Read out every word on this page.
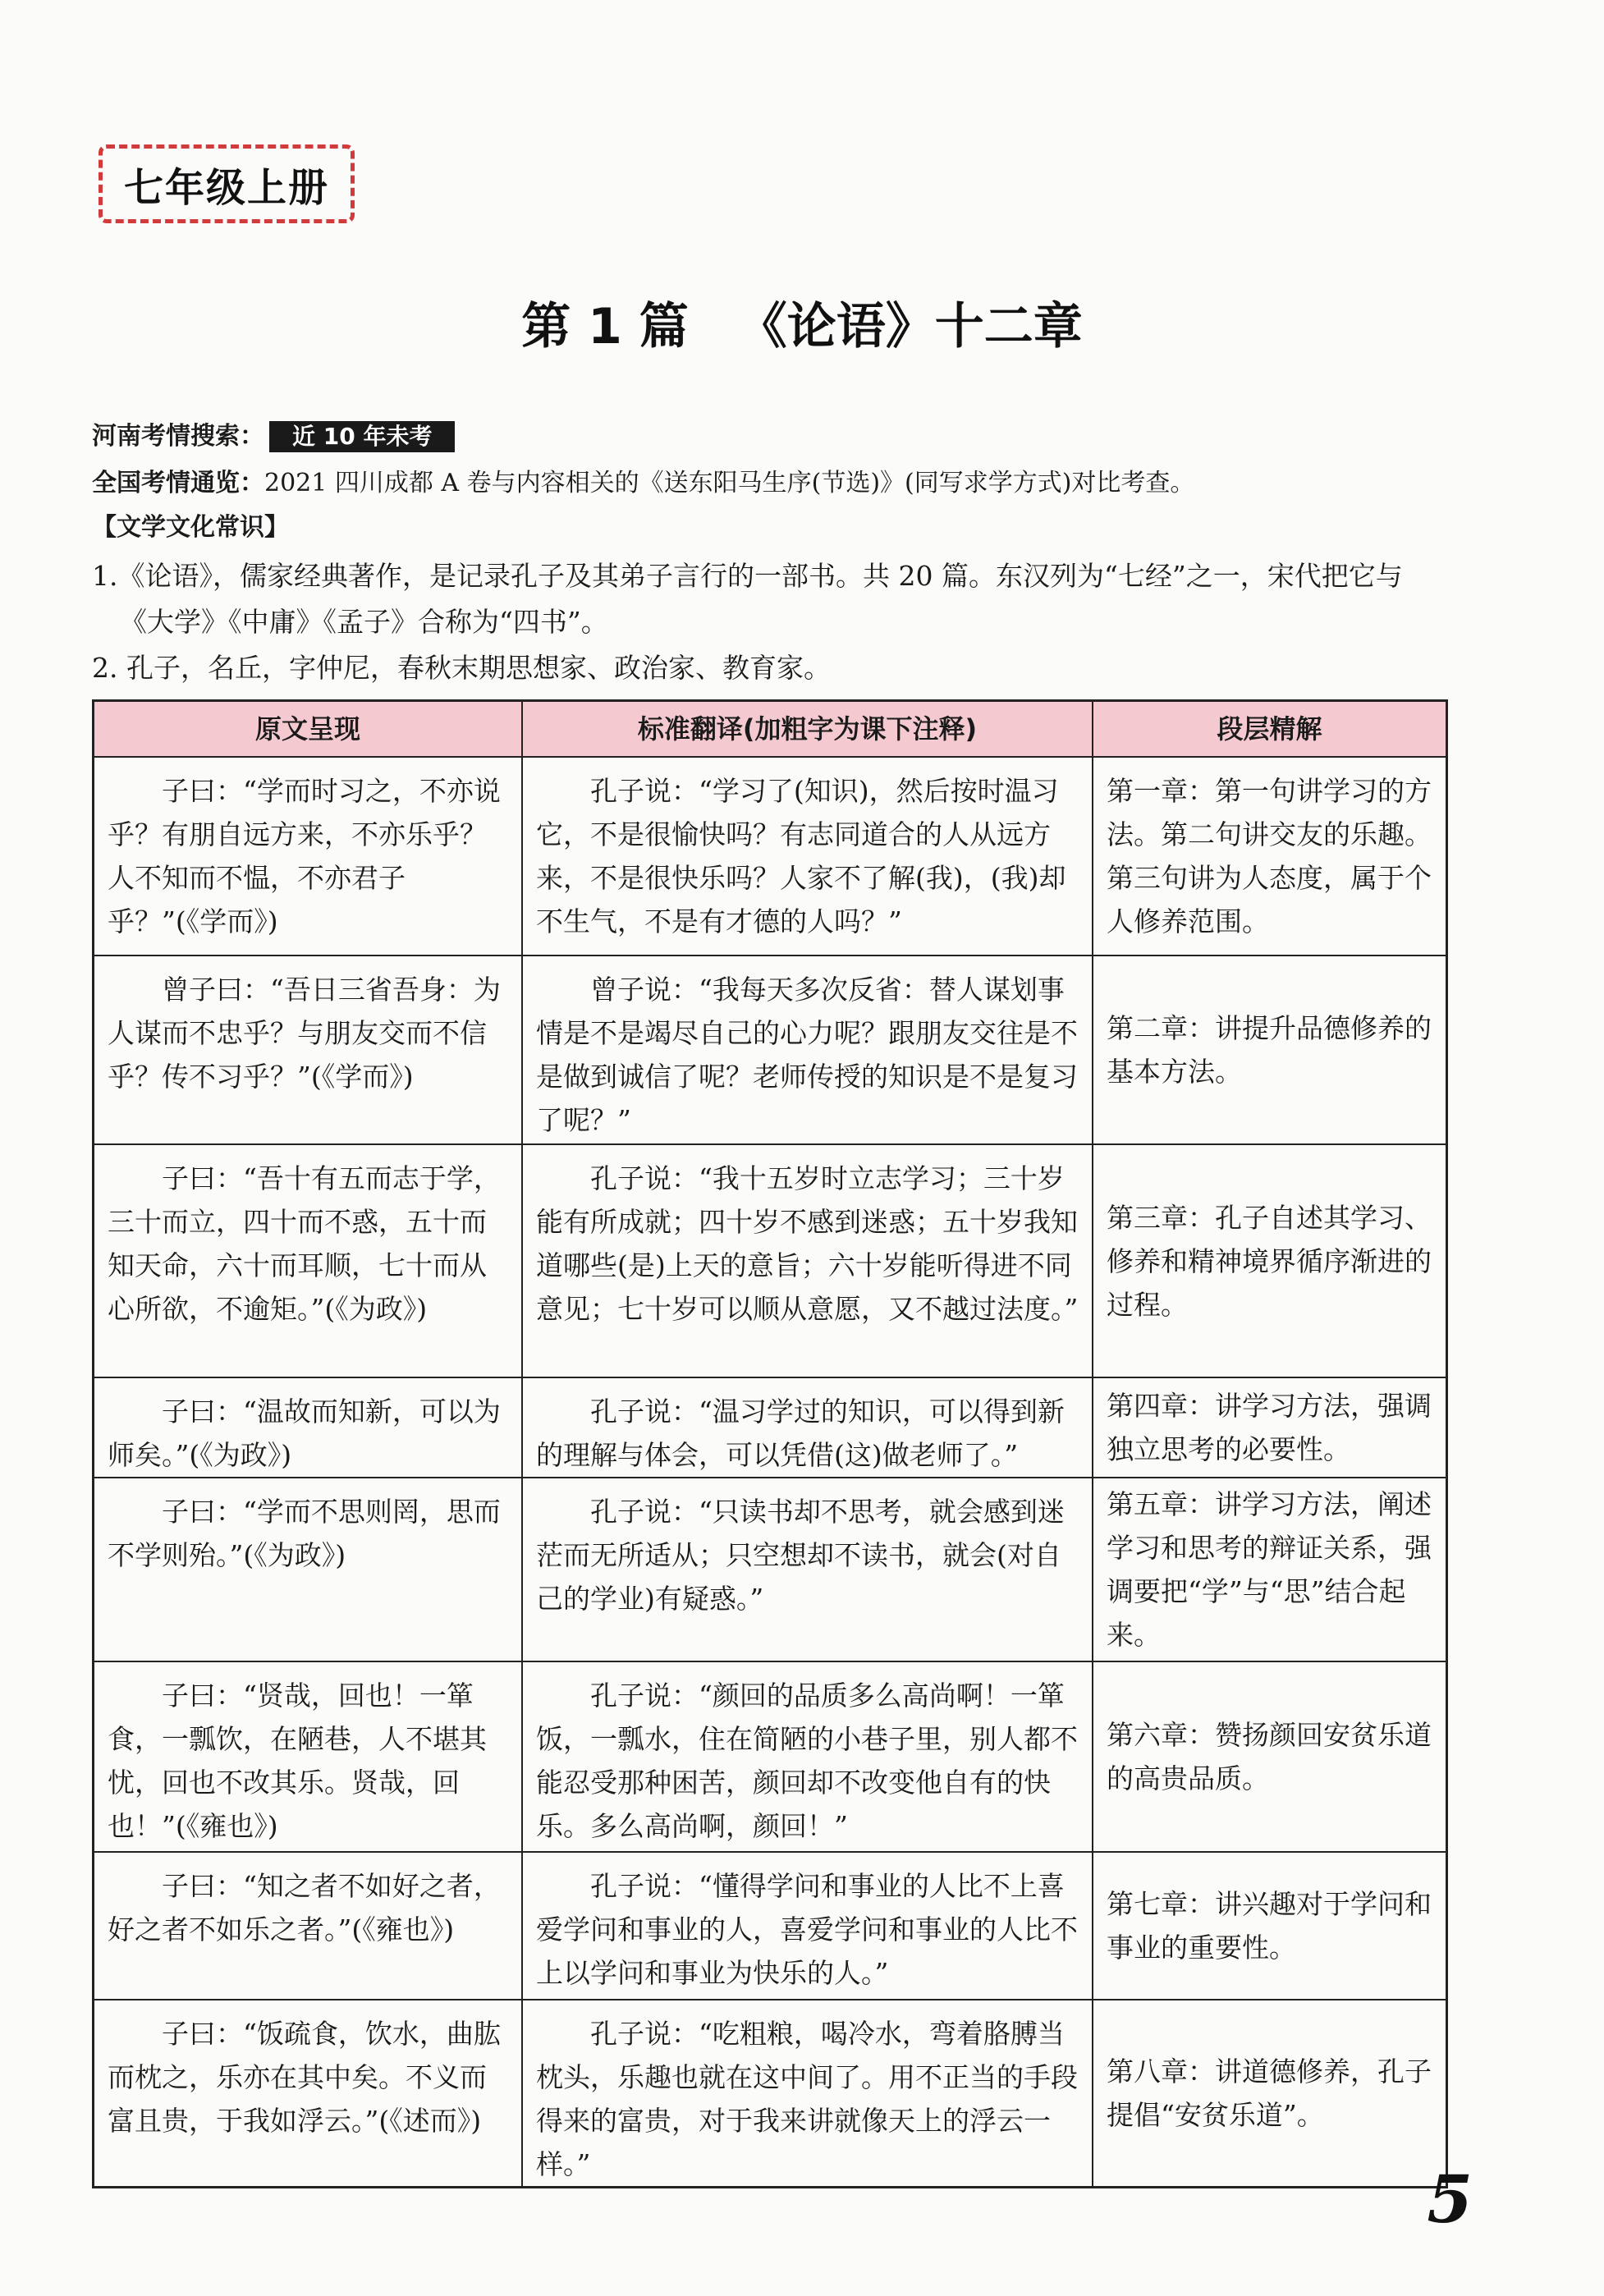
七年级上册
第 1 篇 《论语》十二章
河南考情搜索： 近 10 年未考
全国考情通览：2021 四川成都 A 卷与内容相关的《送东阳马生序(节选)》(同写求学方式)对比考查。
【文学文化常识】
1.《论语》，儒家经典著作，是记录孔子及其弟子言行的一部书。共 20 篇。东汉列为“七经”之一，宋代把它与
《大学》《中庸》《孟子》合称为“四书”。
2. 孔子，名丘，字仲尼，春秋末期思想家、政治家、教育家。
原文呈现	标准翻译(加粗字为课下注释)	段层精解
子曰：“学而时习之，不亦说乎？有朋自远方来，不亦乐乎？人不知而不愠，不亦君子乎？”(《学而》)
孔子说：“学习了(知识)，然后按时温习它，不是很愉快吗？有志同道合的人从远方来，不是很快乐吗？人家不了解(我)，(我)却不生气，不是有才德的人吗？”
第一章：第一句讲学习的方法。第二句讲交友的乐趣。第三句讲为人态度，属于个人修养范围。
曾子曰：“吾日三省吾身：为人谋而不忠乎？与朋友交而不信乎？传不习乎？”(《学而》)
曾子说：“我每天多次反省：替人谋划事情是不是竭尽自己的心力呢？跟朋友交往是不是做到诚信了呢？老师传授的知识是不是复习了呢？”
第二章：讲提升品德修养的基本方法。
子曰：“吾十有五而志于学，三十而立，四十而不惑，五十而知天命，六十而耳顺，七十而从心所欲，不逾矩。”(《为政》)
孔子说：“我十五岁时立志学习；三十岁能有所成就；四十岁不感到迷惑；五十岁我知道哪些(是)上天的意旨；六十岁能听得进不同意见；七十岁可以顺从意愿，又不越过法度。”
第三章：孔子自述其学习、修养和精神境界循序渐进的过程。
子曰：“温故而知新，可以为师矣。”(《为政》)
孔子说：“温习学过的知识，可以得到新的理解与体会，可以凭借(这)做老师了。”
第四章：讲学习方法，强调独立思考的必要性。
子曰：“学而不思则罔，思而不学则殆。”(《为政》)
孔子说：“只读书却不思考，就会感到迷茫而无所适从；只空想却不读书，就会(对自己的学业)有疑惑。”
第五章：讲学习方法，阐述学习和思考的辩证关系，强调要把“学”与“思”结合起来。
子曰：“贤哉，回也！一箪食，一瓢饮，在陋巷，人不堪其忧，回也不改其乐。贤哉，回也！”(《雍也》)
孔子说：“颜回的品质多么高尚啊！一箪饭，一瓢水，住在简陋的小巷子里，别人都不能忍受那种困苦，颜回却不改变他自有的快乐。多么高尚啊，颜回！”
第六章：赞扬颜回安贫乐道的高贵品质。
子曰：“知之者不如好之者，好之者不如乐之者。”(《雍也》)
孔子说：“懂得学问和事业的人比不上喜爱学问和事业的人，喜爱学问和事业的人比不上以学问和事业为快乐的人。”
第七章：讲兴趣对于学问和事业的重要性。
子曰：“饭疏食，饮水，曲肱而枕之，乐亦在其中矣。不义而富且贵，于我如浮云。”(《述而》)
孔子说：“吃粗粮，喝冷水，弯着胳膊当枕头，乐趣也就在这中间了。用不正当的手段得来的富贵，对于我来讲就像天上的浮云一样。”
第八章：讲道德修养，孔子提倡“安贫乐道”。
5
